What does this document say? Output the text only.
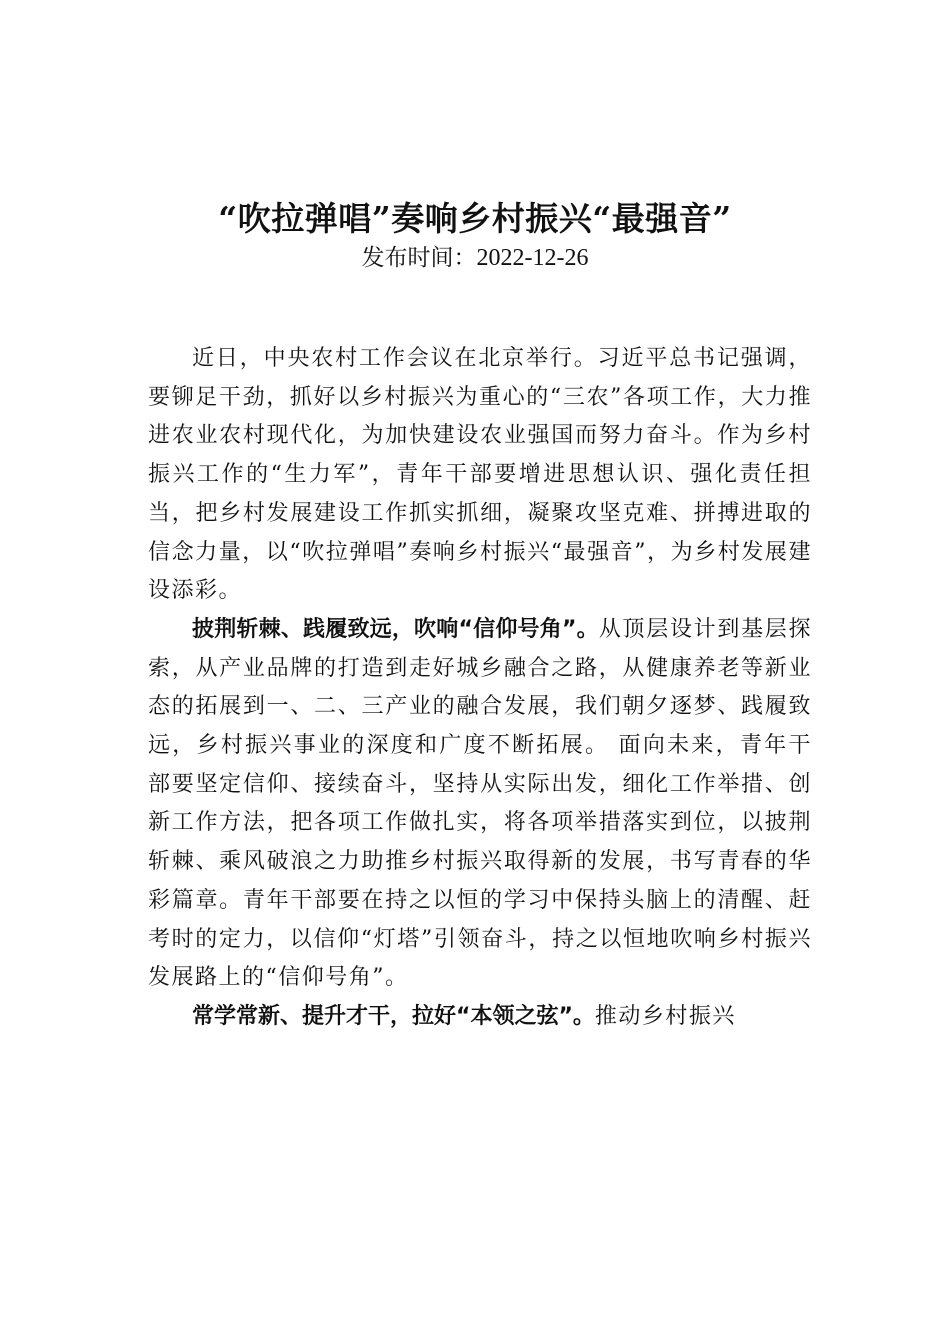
“吹拉弹唱”奏响乡村振兴“最强音”
发布时间：2022-12-26

近日，中央农村工作会议在北京举行。习近平总书记强调，要铆足干劲，抓好以乡村振兴为重心的“三农”各项工作，大力推进农业农村现代化，为加快建设农业强国而努力奋斗。作为乡村振兴工作的“生力军”，青年干部要增进思想认识、强化责任担当，把乡村发展建设工作抓实抓细，凝聚攻坚克难、拼搏进取的信念力量，以“吹拉弹唱”奏响乡村振兴“最强音”，为乡村发展建设添彩。

披荆斩棘、践履致远，吹响“信仰号角”。从顶层设计到基层探索，从产业品牌的打造到走好城乡融合之路，从健康养老等新业态的拓展到一、二、三产业的融合发展，我们朝夕逐梦、践履致远，乡村振兴事业的深度和广度不断拓展。 面向未来，青年干部要坚定信仰、接续奋斗，坚持从实际出发，细化工作举措、创新工作方法，把各项工作做扎实，将各项举措落实到位，以披荆斩棘、乘风破浪之力助推乡村振兴取得新的发展，书写青春的华彩篇章。青年干部要在持之以恒的学习中保持头脑上的清醒、赶考时的定力，以信仰“灯塔”引领奋斗，持之以恒地吹响乡村振兴发展路上的“信仰号角”。

常学常新、提升才干，拉好“本领之弦”。推动乡村振兴
